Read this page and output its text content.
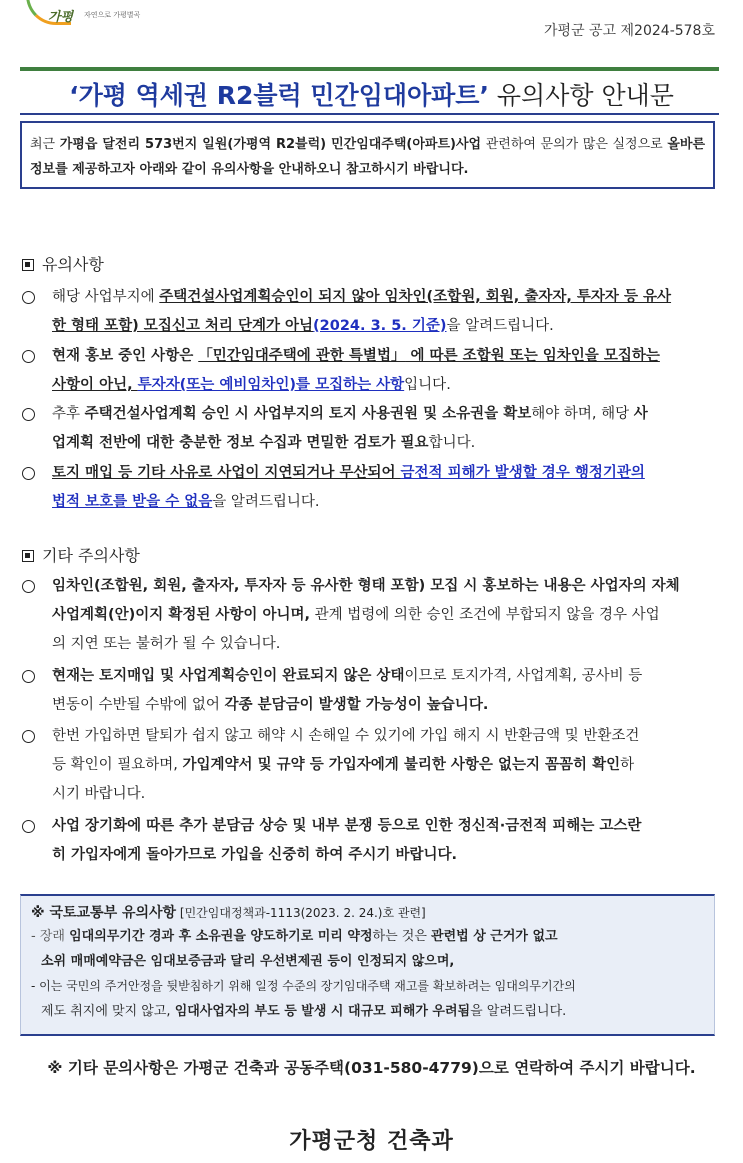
가평 자연으로 가평별곡
가평군 공고 제2024-578호
‘가평 역세권 R2블럭 민간임대아파트’ 유의사항 안내문
최근 가평읍 달전리 573번지 일원(가평역 R2블럭) 민간임대주택(아파트)사업 관련하여 문의가 많은 실정으로 올바른 정보를 제공하고자 아래와 같이 유의사항을 안내하오니 참고하시기 바랍니다.
유의사항
해당 사업부지에 주택건설사업계획승인이 되지 않아 임차인(조합원, 회원, 출자자, 투자자 등 유사
한 형태 포함) 모집신고 처리 단계가 아님(2024. 3. 5. 기준)을 알려드립니다.
현재 홍보 중인 사항은 「민간임대주택에 관한 특별법」 에 따른 조합원 또는 임차인을 모집하는
사항이 아닌, 투자자(또는 예비임차인)를 모집하는 사항입니다.
추후 주택건설사업계획 승인 시 사업부지의 토지 사용권원 및 소유권을 확보해야 하며, 해당 사
업계획 전반에 대한 충분한 정보 수집과 면밀한 검토가 필요합니다.
토지 매입 등 기타 사유로 사업이 지연되거나 무산되어 금전적 피해가 발생할 경우 행정기관의
법적 보호를 받을 수 없음을 알려드립니다.
기타 주의사항
임차인(조합원, 회원, 출자자, 투자자 등 유사한 형태 포함) 모집 시 홍보하는 내용은 사업자의 자체
사업계획(안)이지 확정된 사항이 아니며, 관계 법령에 의한 승인 조건에 부합되지 않을 경우 사업
의 지연 또는 불허가 될 수 있습니다.
현재는 토지매입 및 사업계획승인이 완료되지 않은 상태이므로 토지가격, 사업계획, 공사비 등
변동이 수반될 수밖에 없어 각종 분담금이 발생할 가능성이 높습니다.
한번 가입하면 탈퇴가 쉽지 않고 해약 시 손해일 수 있기에 가입 해지 시 반환금액 및 반환조건
등 확인이 필요하며, 가입계약서 및 규약 등 가입자에게 불리한 사항은 없는지 꼼꼼히 확인하
시기 바랍니다.
사업 장기화에 따른 추가 분담금 상승 및 내부 분쟁 등으로 인한 정신적·금전적 피해는 고스란
히 가입자에게 돌아가므로 가입을 신중히 하여 주시기 바랍니다.
※ 국토교통부 유의사항 [민간임대정책과-1113(2023. 2. 24.)호 관련]
- 장래 임대의무기간 경과 후 소유권을 양도하기로 미리 약정하는 것은 관련법 상 근거가 없고
소위 매매예약금은 임대보증금과 달리 우선변제권 등이 인정되지 않으며,
- 이는 국민의 주거안정을 뒷받침하기 위해 일정 수준의 장기임대주택 재고를 확보하려는 임대의무기간의
제도 취지에 맞지 않고, 임대사업자의 부도 등 발생 시 대규모 피해가 우려됨을 알려드립니다.
※ 기타 문의사항은 가평군 건축과 공동주택(031-580-4779)으로 연락하여 주시기 바랍니다.
가평군청 건축과
